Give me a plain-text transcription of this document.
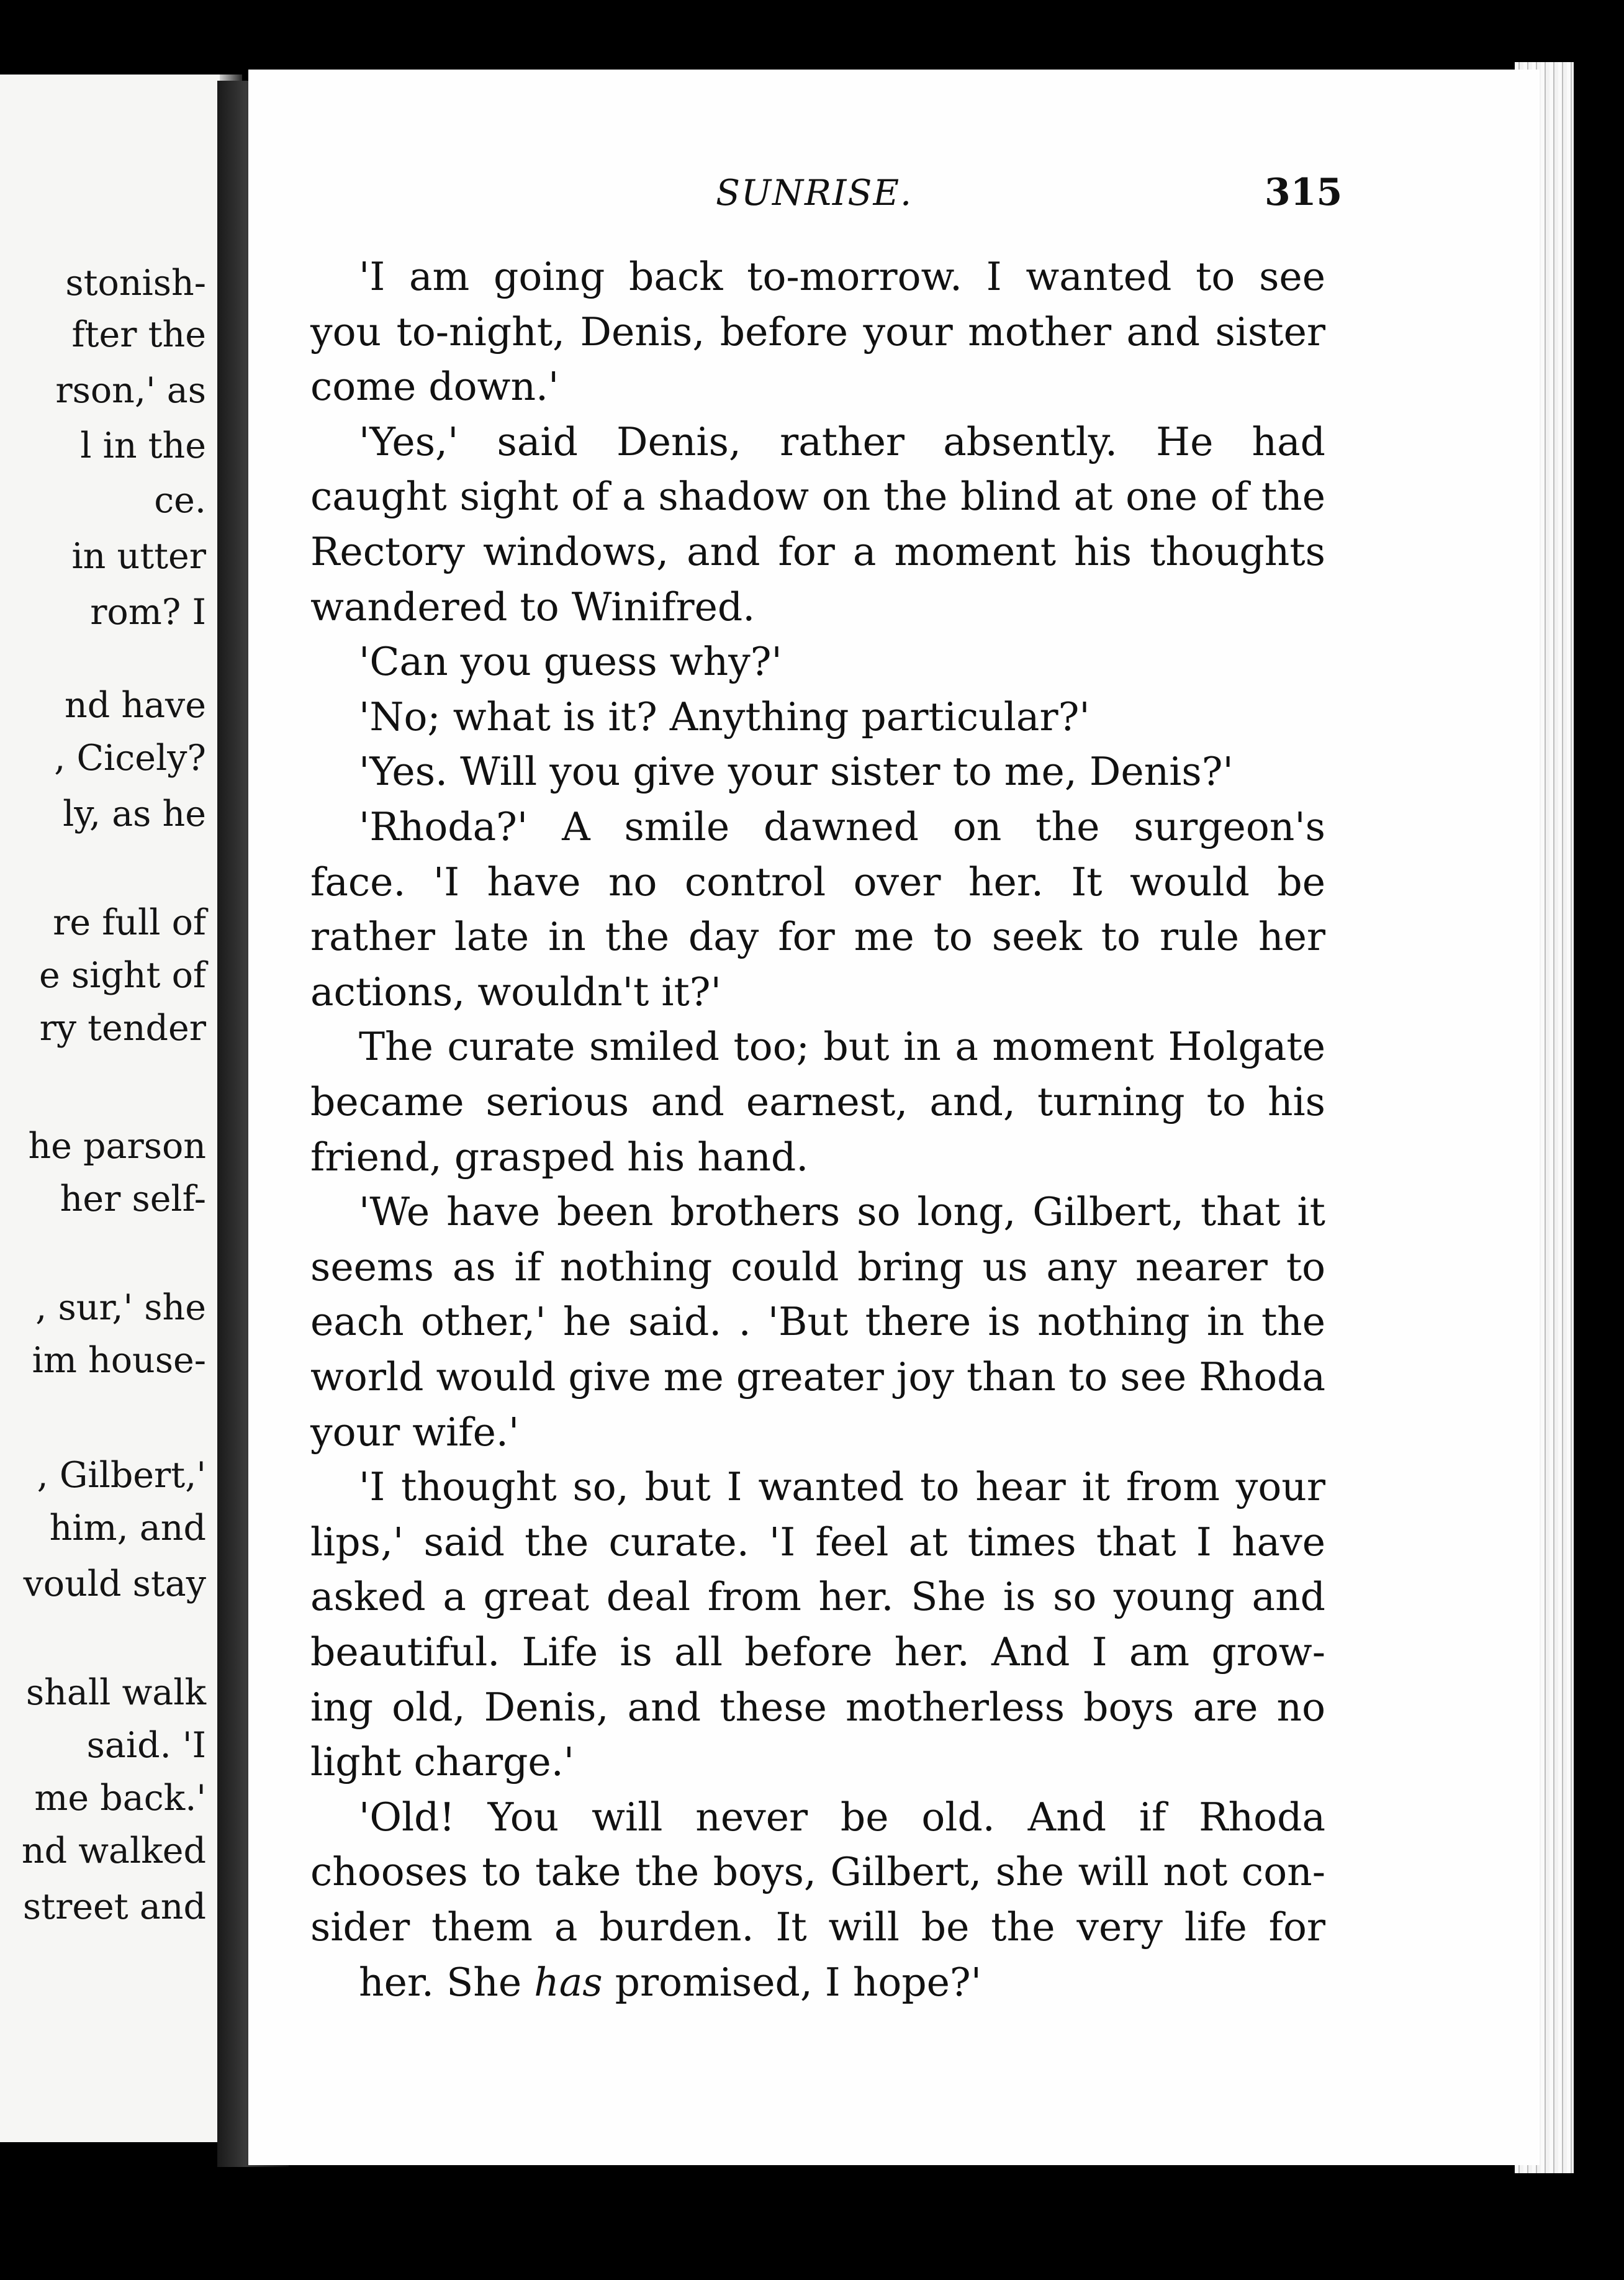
stonish-
fter the
rson,' as
l in the
ce.
in utter
rom? I
nd have
, Cicely?
ly, as he
re full of
e sight of
ry tender
he parson
her self-
, sur,' she
im house-
, Gilbert,'
him, and
vould stay
shall walk
said. 'I
me back.'
nd walked
street and
SUNRISE.	315
'I am going back to-morrow. I wanted to see
you to-night, Denis, before your mother and sister
come down.'
'Yes,' said Denis, rather absently. He had
caught sight of a shadow on the blind at one of the
Rectory windows, and for a moment his thoughts
wandered to Winifred.
'Can you guess why?'
'No; what is it? Anything particular?'
'Yes. Will you give your sister to me, Denis?'
'Rhoda?' A smile dawned on the surgeon's
face. 'I have no control over her. It would be
rather late in the day for me to seek to rule her
actions, wouldn't it?'
The curate smiled too; but in a moment Holgate
became serious and earnest, and, turning to his
friend, grasped his hand.
'We have been brothers so long, Gilbert, that it
seems as if nothing could bring us any nearer to
each other,' he said. . 'But there is nothing in the
world would give me greater joy than to see Rhoda
your wife.'
'I thought so, but I wanted to hear it from your
lips,' said the curate. 'I feel at times that I have
asked a great deal from her. She is so young and
beautiful. Life is all before her. And I am grow-
ing old, Denis, and these motherless boys are no
light charge.'
'Old! You will never be old. And if Rhoda
chooses to take the boys, Gilbert, she will not con-
sider them a burden. It will be the very life for
her. She has promised, I hope?'
